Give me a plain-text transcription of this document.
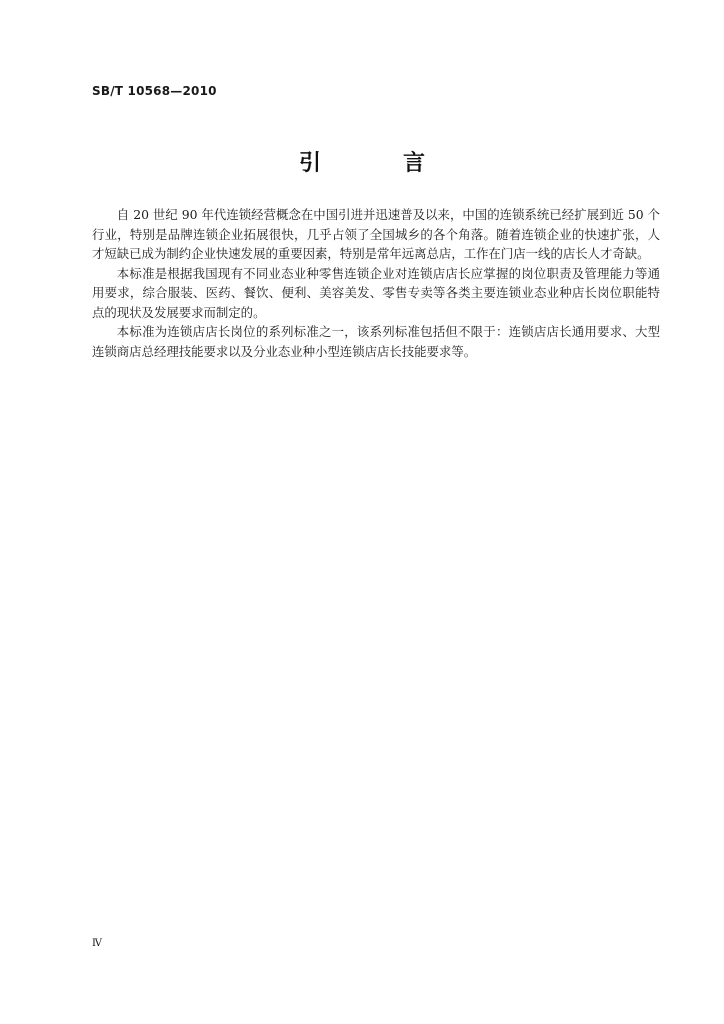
SB/T 10568—2010
引　言

自 20 世纪 90 年代连锁经营概念在中国引进并迅速普及以来，中国的连锁系统已经扩展到近 50 个行业，特别是品牌连锁企业拓展很快，几乎占领了全国城乡的各个角落。随着连锁企业的快速扩张，人才短缺已成为制约企业快速发展的重要因素，特别是常年远离总店，工作在门店一线的店长人才奇缺。

本标准是根据我国现有不同业态业种零售连锁企业对连锁店店长应掌握的岗位职责及管理能力等通用要求，综合服装、医药、餐饮、便利、美容美发、零售专卖等各类主要连锁业态业种店长岗位职能特点的现状及发展要求而制定的。

本标准为连锁店店长岗位的系列标准之一，该系列标准包括但不限于：连锁店店长通用要求、大型连锁商店总经理技能要求以及分业态业种小型连锁店店长技能要求等。

Ⅳ
